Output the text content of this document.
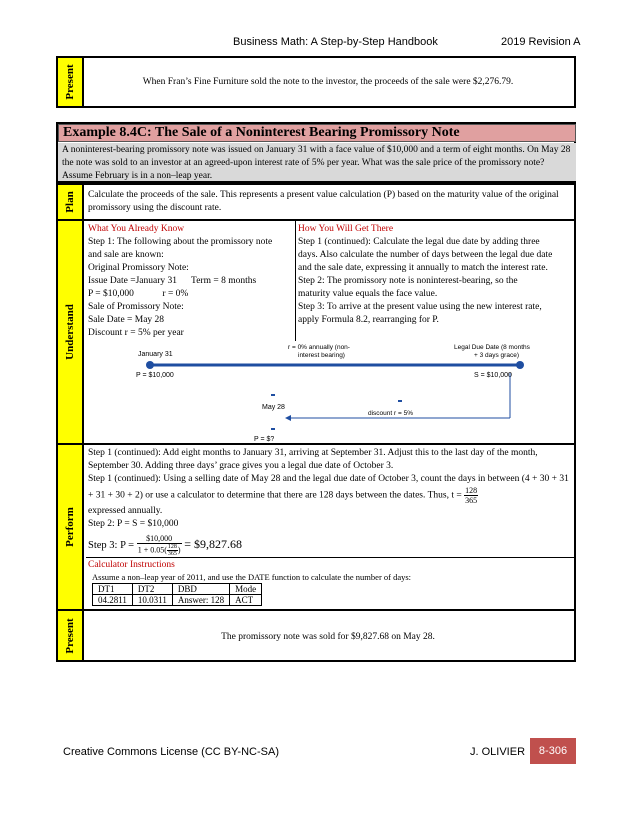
Business Math: A Step-by-Step Handbook	2019 Revision A
Present	When Fran’s Fine Furniture sold the note to the investor, the proceeds of the sale were $2,276.79.
Example 8.4C: The Sale of a Noninterest Bearing Promissory Note
A noninterest-bearing promissory note was issued on January 31 with a face value of $10,000 and a term of eight months. On May 28 the note was sold to an investor at an agreed-upon interest rate of 5% per year. What was the sale price of the promissory note? Assume February is in a non–leap year.
Plan Calculate the proceeds of the sale. This represents a present value calculation (P) based on the maturity value of the original promissory using the discount rate.
Understand
What You Already Know
Step 1: The following about the promissory note
and sale are known:
Original Promissory Note:
Issue Date =January 31      Term = 8 months
P = $10,000            r = 0%
Sale of Promissory Note:
Sale Date = May 28
Discount r = 5% per year
How You Will Get There
Step 1 (continued): Calculate the legal due date by adding three
days. Also calculate the number of days between the legal due date
and the sale date, expressing it annually to match the interest rate.
Step 2: The promissory note is noninterest-bearing, so the
maturity value equals the face value.
Step 3: To arrive at the present value using the new interest rate,
apply Formula 8.2, rearranging for P.
January 31
P = $10,000
r = 0% annually (non-
interest bearing)
Legal Due Date (8 months
+ 3 days grace)
S = $10,000
May 28
discount r = 5%
P = $?
Perform
Step 1 (continued): Add eight months to January 31, arriving at September 31. Adjust this to the last day of the month, September 30. Adding three days’ grace gives you a legal due date of October 3.
Step 1 (continued): Using a selling date of May 28 and the legal due date of October 3, count the days in between (4 + 30 + 31 + 31 + 30 + 2) or use a calculator to determine that there are 128 days between the dates. Thus, $t = \frac{128}{365}$
expressed annually.
Step 2: P = S = $10,000
Step 3: $P = \frac{\$10,000}{1 + 0.05( \frac{128}{365} )}$ = $9,827.68
Calculator Instructions
Assume a non–leap year of 2011, and use the DATE function to calculate the number of days:
DT1	DT2	DBD	Mode
04.2811	10.0311	Answer: 128	ACT
Present	The promissory note was sold for $9,827.68 on May 28.
Creative Commons License (CC BY-NC-SA)	J. OLIVIER	8-306
